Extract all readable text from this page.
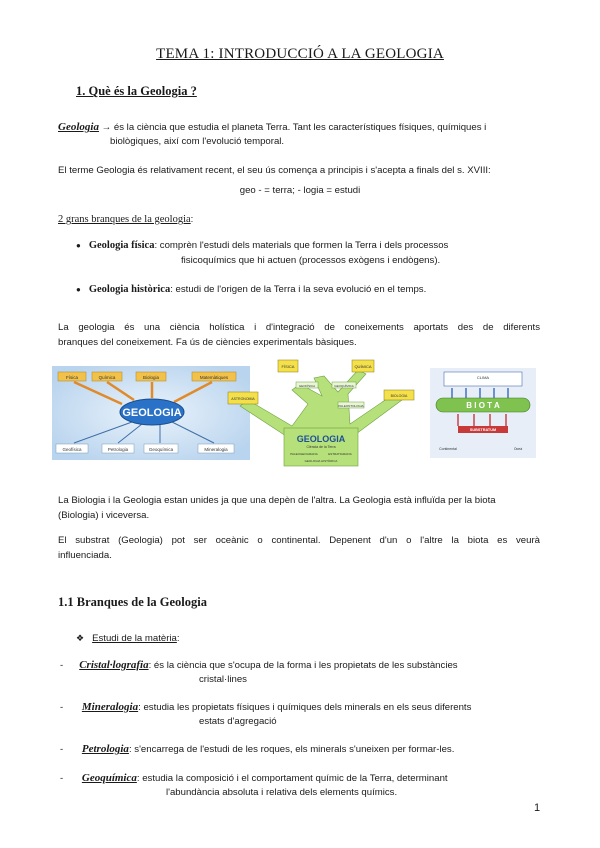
TEMA 1: INTRODUCCIÓ A LA GEOLOGIA
1. Què és la Geologia ?
Geologia → és la ciència que estudia el planeta Terra. Tant les característiques físiques, químiques i
biològiques, així com l'evolució temporal.
El terme Geologia és relativament recent, el seu ús comença a principis i s'acepta a finals del s. XVIII:
geo - = terra; - logia = estudi
2 grans branques de la geologia:
● Geologia física: comprèn l'estudi dels materials que formen la Terra i dels processos
fisicoquímics que hi actuen (processos exògens i endògens).
● Geologia històrica: estudi de l'origen de la Terra i la seva evolució en el temps.
La geologia és una ciència holística i d'integració de coneixements aportats des de diferents
branques del coneixement. Fa ús de ciències experimentals bàsiques.
GEOLOGIA
Física	Química	Biologia	Matemàtiques
Geofísica	Petrologia	Geoquímica	Mineralogia
GEOLOGIA
Ciència de la Terra
FÍSICA	QUÍMICA
ASTRONOMIA
BIOLOGIA
GEOFÍSICA	GEOQUÍMICA
PALEONTOLOGIA
PALEOGEOGRAFIA	ESTRATIGRAFIA
GEOLOGIA HISTÒRICA
CLIMA
B I O T A
SUBSTRATUM
Continental	Oceà
La Biologia i la Geologia estan unides ja que una depèn de l'altra. La Geologia està influïda per la biota
(Biologia) i viceversa.
El substrat (Geologia) pot ser oceànic o continental. Depenent d'un o l'altre la biota es veurà
influenciada.
1.1 Branques de la Geologia
❖ Estudi de la matèria:
- Cristal·lografia: és la ciència que s'ocupa de la forma i les propietats de les substàncies
cristal·lines
- Mineralogia: estudia les propietats físiques i químiques dels minerals en els seus diferents
estats d'agregació
- Petrologia: s'encarrega de l'estudi de les roques, els minerals s'uneixen per formar-les.
- Geoquímica: estudia la composició i el comportament químic de la Terra, determinant
l'abundància absoluta i relativa dels elements químics.
1
